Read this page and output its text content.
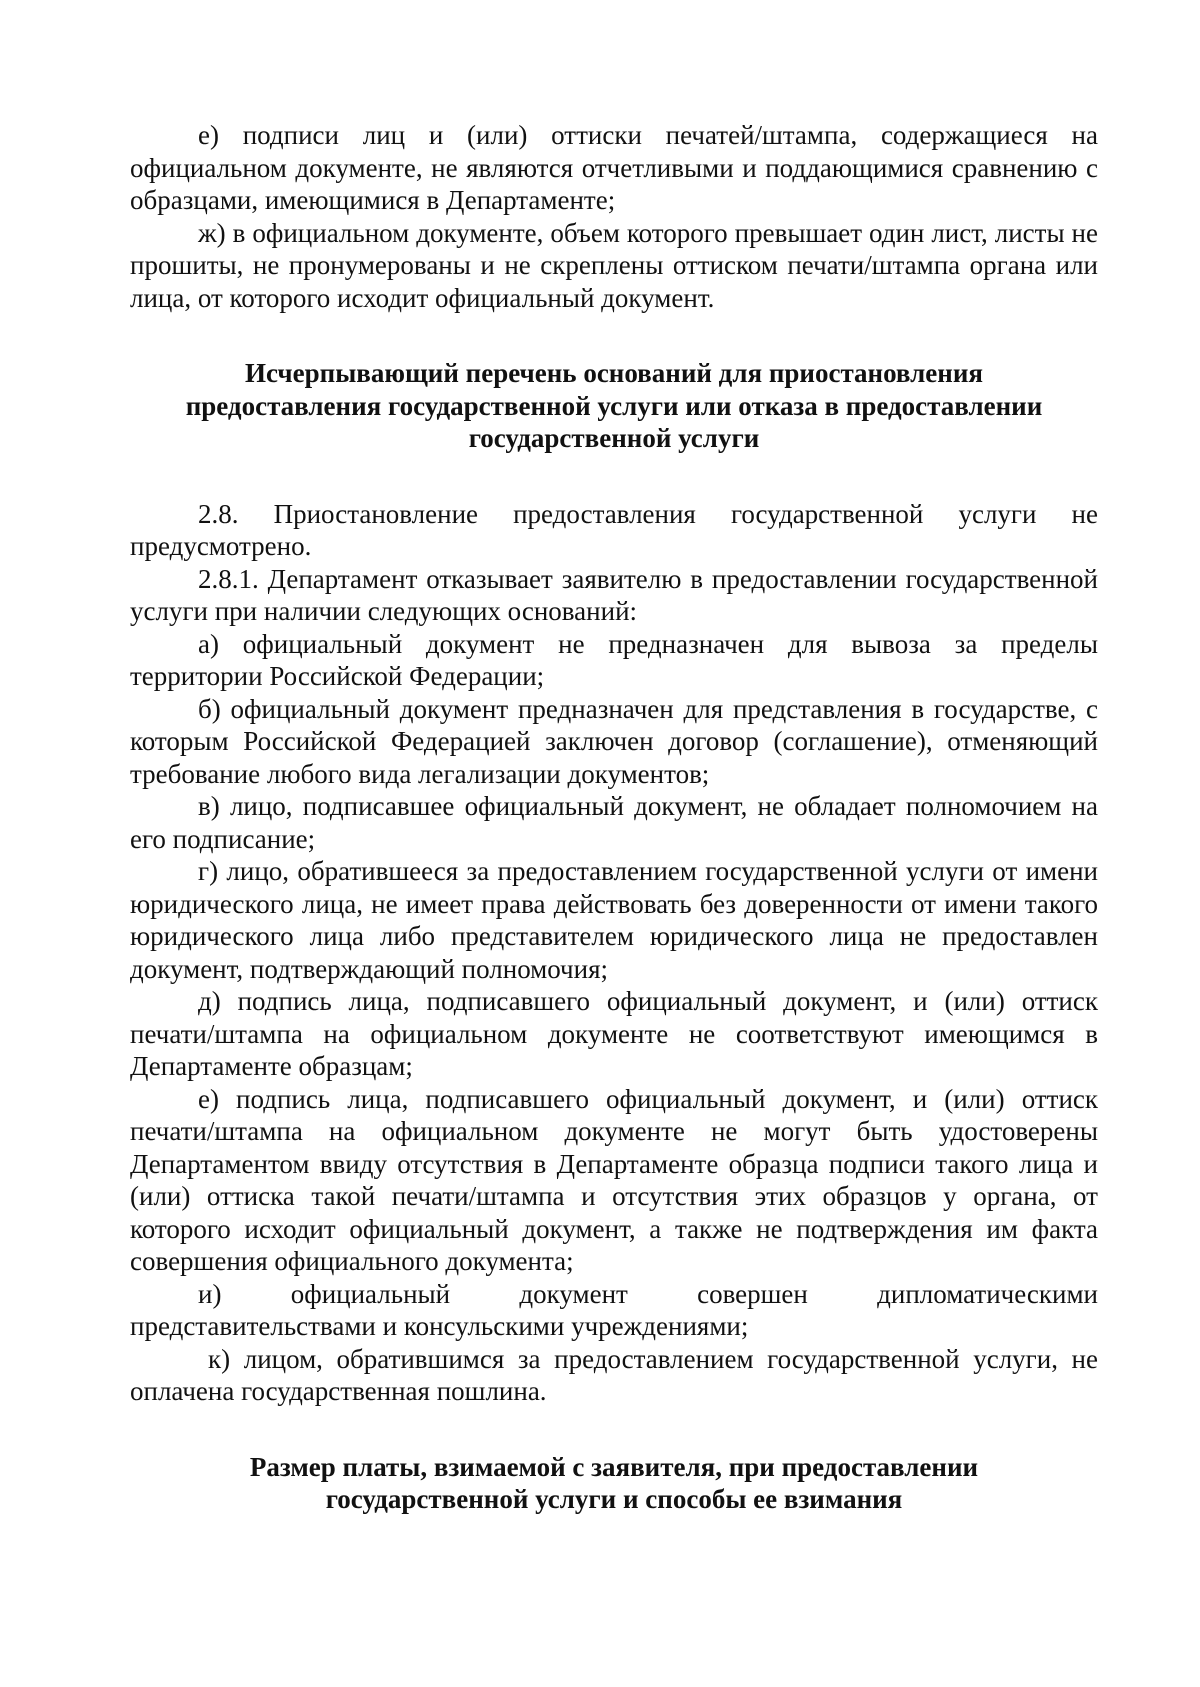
е) подписи лиц и (или) оттиски печатей/штампа, содержащиеся на официальном документе, не являются отчетливыми и поддающимися сравнению с образцами, имеющимися в Департаменте;

ж) в официальном документе, объем которого превышает один лист, листы не прошиты, не пронумерованы и не скреплены оттиском печати/штампа органа или лица, от которого исходит официальный документ.

Исчерпывающий перечень оснований для приостановления предоставления государственной услуги или отказа в предоставлении государственной услуги

2.8. Приостановление предоставления государственной услуги не предусмотрено.

2.8.1. Департамент отказывает заявителю в предоставлении государственной услуги при наличии следующих оснований:

а) официальный документ не предназначен для вывоза за пределы территории Российской Федерации;

б) официальный документ предназначен для представления в государстве, с которым Российской Федерацией заключен договор (соглашение), отменяющий требование любого вида легализации документов;

в) лицо, подписавшее официальный документ, не обладает полномочием на его подписание;

г) лицо, обратившееся за предоставлением государственной услуги от имени юридического лица, не имеет права действовать без доверенности от имени такого юридического лица либо представителем юридического лица не предоставлен документ, подтверждающий полномочия;

д) подпись лица, подписавшего официальный документ, и (или) оттиск печати/штампа на официальном документе не соответствуют имеющимся в Департаменте образцам;

е) подпись лица, подписавшего официальный документ, и (или) оттиск печати/штампа на официальном документе не могут быть удостоверены Департаментом ввиду отсутствия в Департаменте образца подписи такого лица и (или) оттиска такой печати/штампа и отсутствия этих образцов у органа, от которого исходит официальный документ, а также не подтверждения им факта совершения официального документа;

и) официальный документ совершен дипломатическими представительствами и консульскими учреждениями;

к) лицом, обратившимся за предоставлением государственной услуги, не оплачена государственная пошлина.

Размер платы, взимаемой с заявителя, при предоставлении государственной услуги и способы ее взимания
